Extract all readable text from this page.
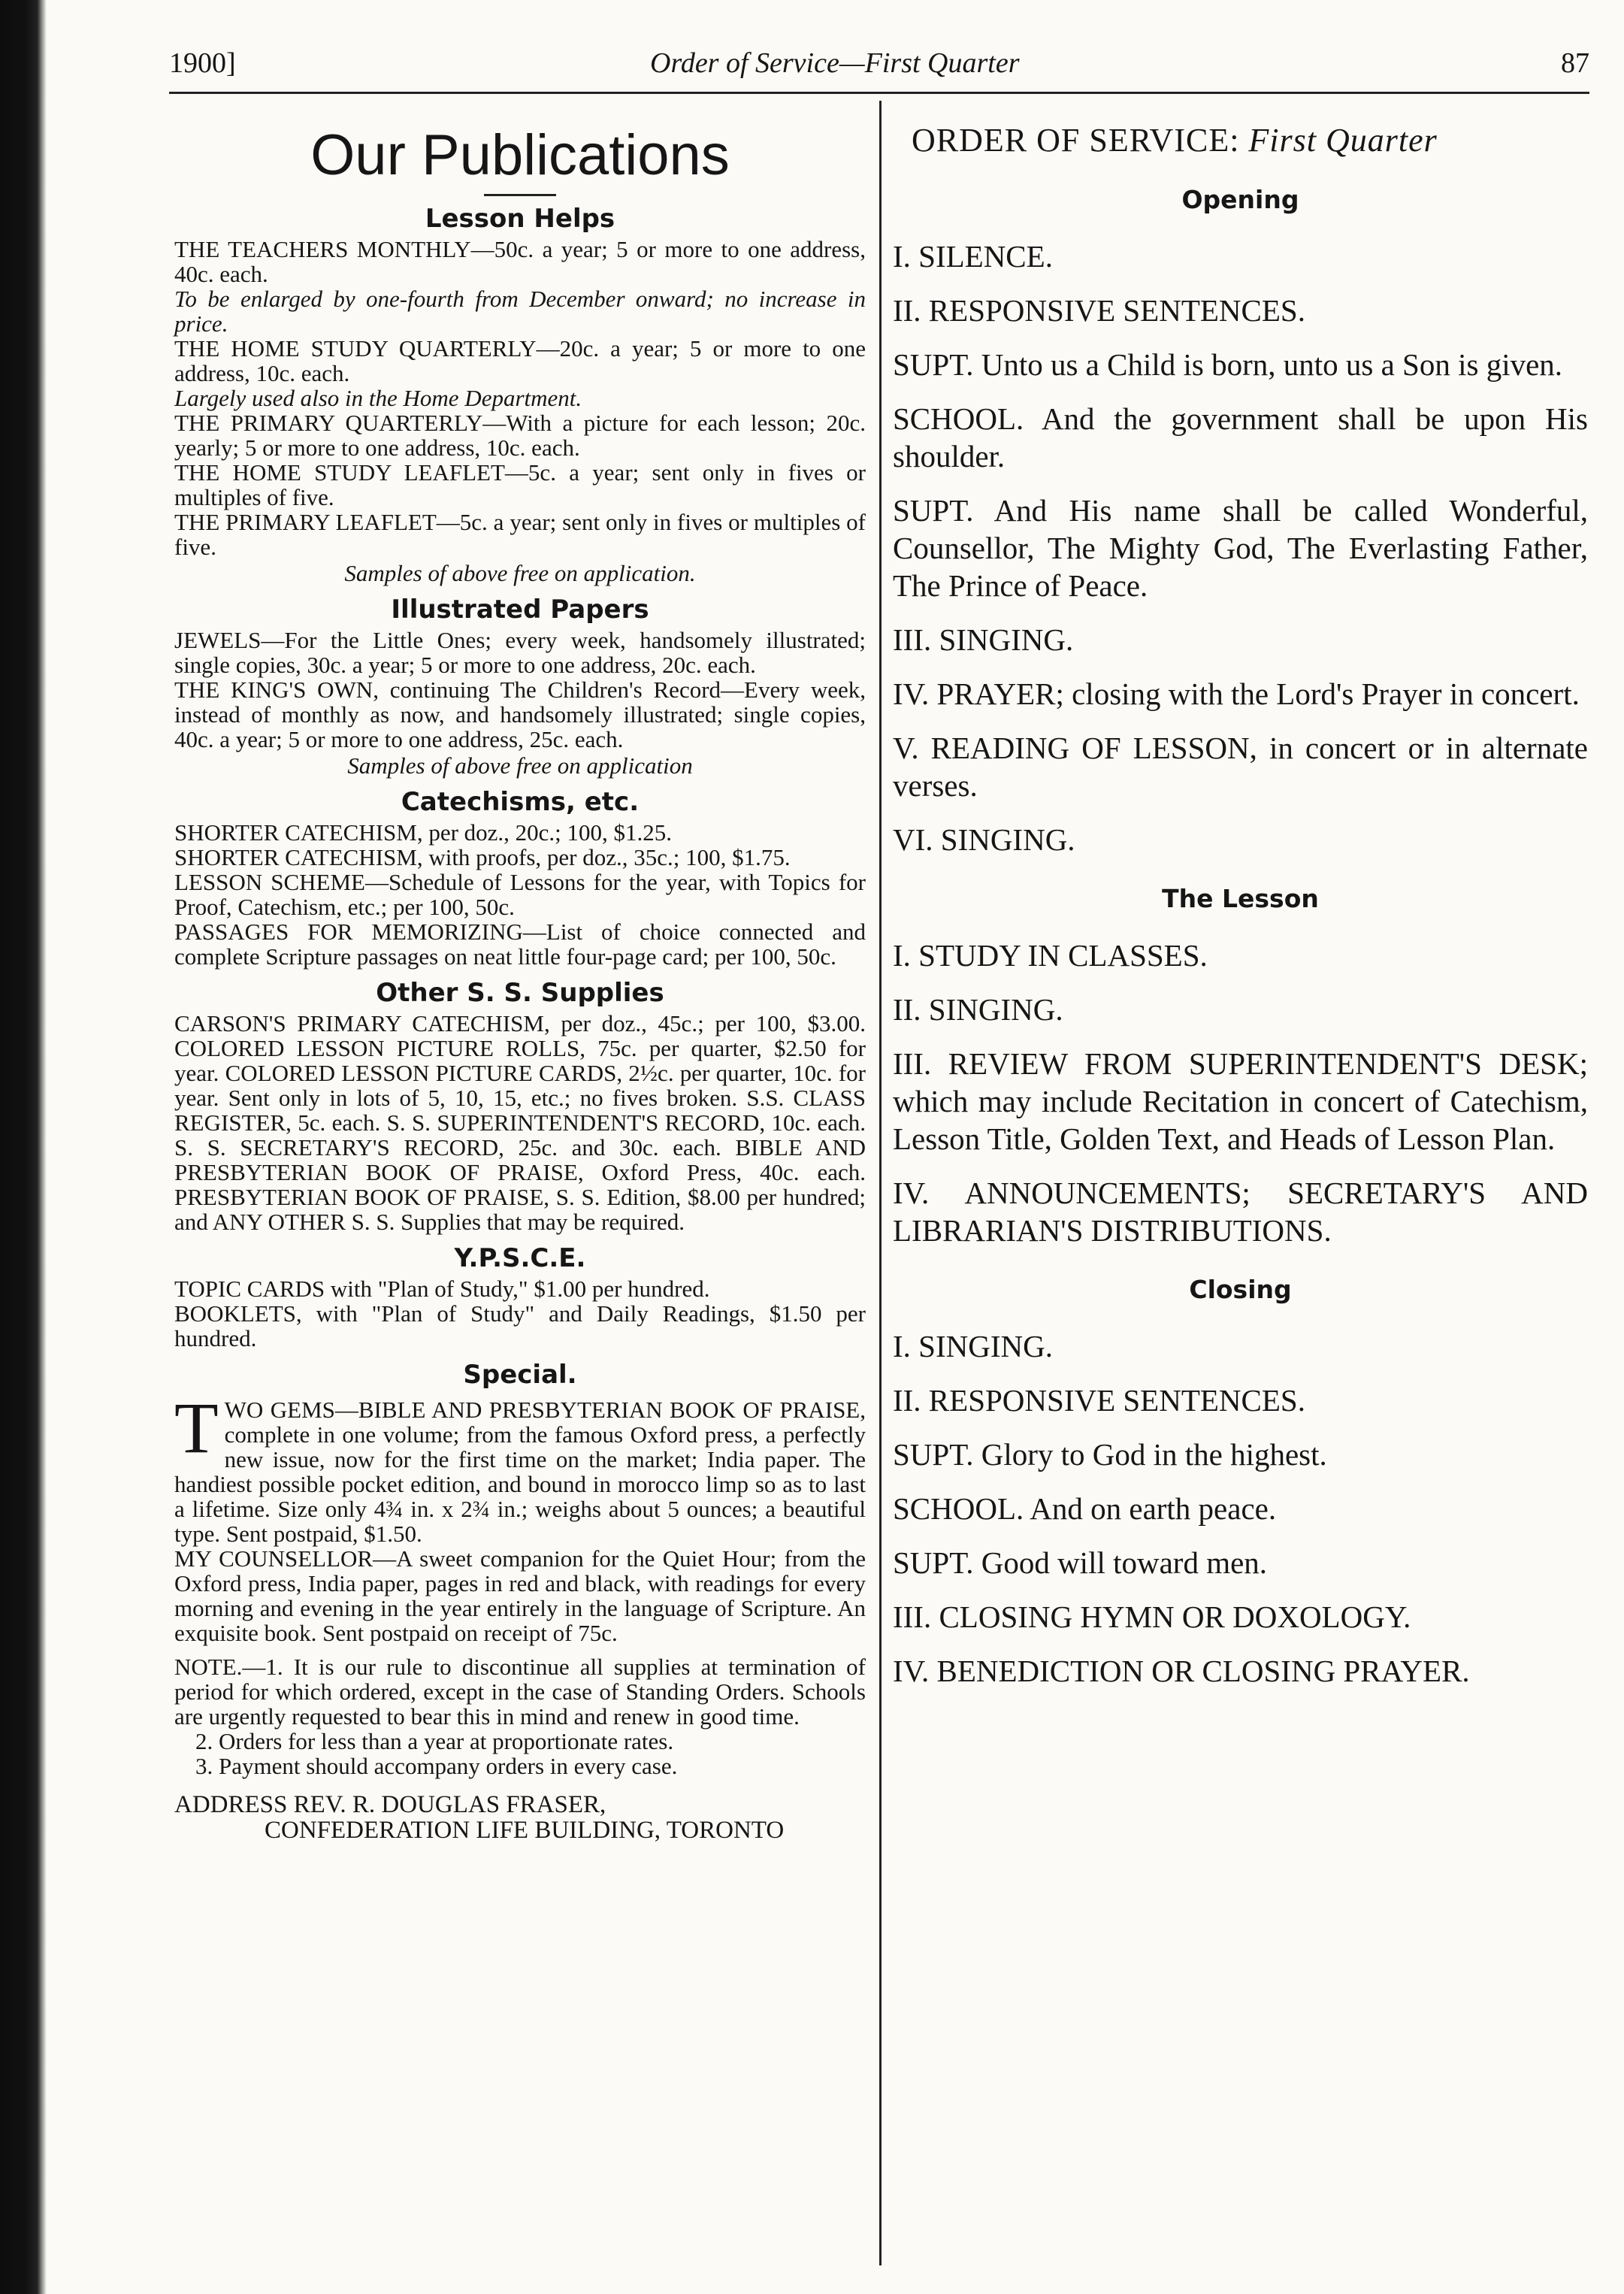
1900]	Order of Service—First Quarter	87
Our Publications
Lesson Helps

THE TEACHERS MONTHLY—50c. a year; 5 or more to one address, 40c. each.

To be enlarged by one-fourth from December onward; no increase in price.

THE HOME STUDY QUARTERLY—20c. a year; 5 or more to one address, 10c. each.

Largely used also in the Home Department.

THE PRIMARY QUARTERLY—With a picture for each lesson; 20c. yearly; 5 or more to one address, 10c. each.

THE HOME STUDY LEAFLET—5c. a year; sent only in fives or multiples of five.

THE PRIMARY LEAFLET—5c. a year; sent only in fives or multiples of five.

Samples of above free on application.

Illustrated Papers

JEWELS—For the Little Ones; every week, handsomely illustrated; single copies, 30c. a year; 5 or more to one address, 20c. each.

THE KING'S OWN, continuing The Children's Record—Every week, instead of monthly as now, and handsomely illustrated; single copies, 40c. a year; 5 or more to one address, 25c. each.

Samples of above free on application

Catechisms, etc.

SHORTER CATECHISM, per doz., 20c.; 100, $1.25.

SHORTER CATECHISM, with proofs, per doz., 35c.; 100, $1.75.

LESSON SCHEME—Schedule of Lessons for the year, with Topics for Proof, Catechism, etc.; per 100, 50c.

PASSAGES FOR MEMORIZING—List of choice connected and complete Scripture passages on neat little four-page card; per 100, 50c.

Other S. S. Supplies

CARSON'S PRIMARY CATECHISM, per doz., 45c.; per 100, $3.00. COLORED LESSON PICTURE ROLLS, 75c. per quarter, $2.50 for year. COLORED LESSON PICTURE CARDS, 2½c. per quarter, 10c. for year. Sent only in lots of 5, 10, 15, etc.; no fives broken. S.S. CLASS REGISTER, 5c. each. S. S. SUPERINTENDENT'S RECORD, 10c. each. S. S. SECRETARY'S RECORD, 25c. and 30c. each. BIBLE AND PRESBYTERIAN BOOK OF PRAISE, Oxford Press, 40c. each. PRESBYTERIAN BOOK OF PRAISE, S. S. Edition, $8.00 per hundred; and ANY OTHER S. S. Supplies that may be required.

Y.P.S.C.E.

TOPIC CARDS with "Plan of Study," $1.00 per hundred.

BOOKLETS, with "Plan of Study" and Daily Readings, $1.50 per hundred.

Special.

TWO GEMS—BIBLE AND PRESBYTERIAN BOOK OF PRAISE, complete in one volume; from the famous Oxford press, a perfectly new issue, now for the first time on the market; India paper. The handiest possible pocket edition, and bound in morocco limp so as to last a lifetime. Size only 4¾ in. x 2¾ in.; weighs about 5 ounces; a beautiful type. Sent postpaid, $1.50.

MY COUNSELLOR—A sweet companion for the Quiet Hour; from the Oxford press, India paper, pages in red and black, with readings for every morning and evening in the year entirely in the language of Scripture. An exquisite book. Sent postpaid on receipt of 75c.

NOTE.—1. It is our rule to discontinue all supplies at termination of period for which ordered, except in the case of Standing Orders. Schools are urgently requested to bear this in mind and renew in good time.

2. Orders for less than a year at proportionate rates.

3. Payment should accompany orders in every case.

ADDRESS REV. R. DOUGLAS FRASER,
CONFEDERATION LIFE BUILDING, TORONTO
ORDER OF SERVICE: First Quarter
Opening

I. SILENCE.

II. RESPONSIVE SENTENCES.

SUPT. Unto us a Child is born, unto us a Son is given.

SCHOOL. And the government shall be upon His shoulder.

SUPT. And His name shall be called Wonderful, Counsellor, The Mighty God, The Everlasting Father, The Prince of Peace.

III. SINGING.

IV. PRAYER; closing with the Lord's Prayer in concert.

V. READING OF LESSON, in concert or in alternate verses.

VI. SINGING.

The Lesson

I. STUDY IN CLASSES.

II. SINGING.

III. REVIEW FROM SUPERINTENDENT'S DESK; which may include Recitation in concert of Catechism, Lesson Title, Golden Text, and Heads of Lesson Plan.

IV. ANNOUNCEMENTS; SECRETARY'S AND LIBRARIAN'S DISTRIBUTIONS.

Closing

I. SINGING.

II. RESPONSIVE SENTENCES.

SUPT. Glory to God in the highest.

SCHOOL. And on earth peace.

SUPT. Good will toward men.

III. CLOSING HYMN OR DOXOLOGY.

IV. BENEDICTION OR CLOSING PRAYER.
